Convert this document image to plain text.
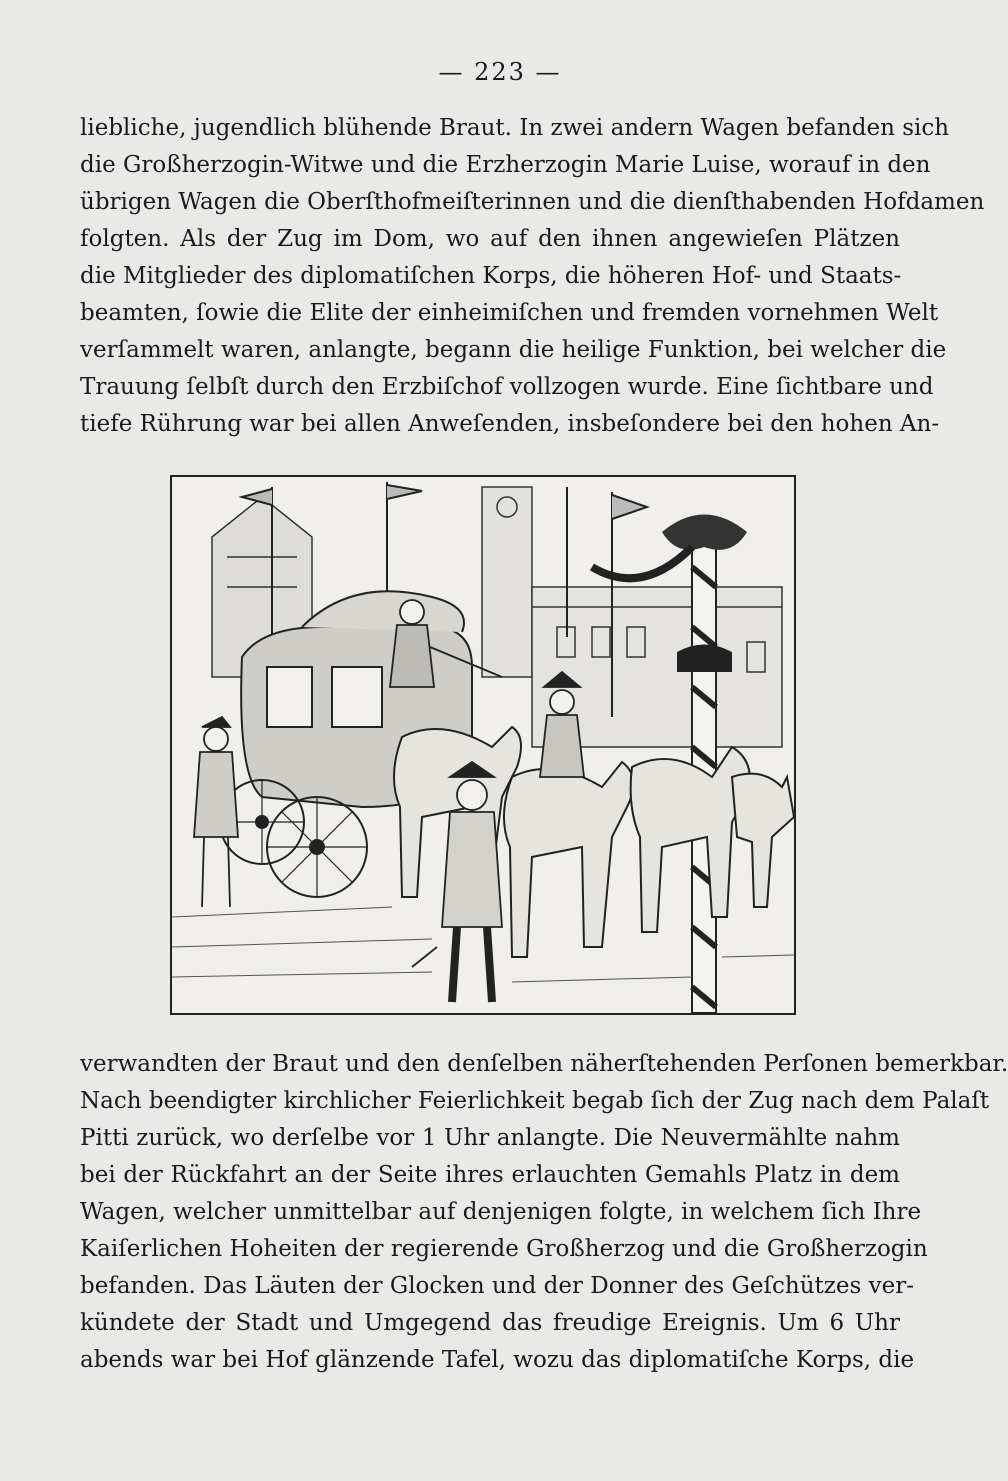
— 223 —
liebliche, jugendlich blühende Braut. In zwei andern Wagen befanden sich
die Großherzogin-Witwe und die Erzherzogin Marie Luise, worauf in den
übrigen Wagen die Oberſthofmeiſterinnen und die dienſthabenden Hofdamen
folgten. Als der Zug im Dom, wo auf den ihnen angewieſen Plätzen
die Mitglieder des diplomatiſchen Korps, die höheren Hof- und Staats-
beamten, ſowie die Elite der einheimiſchen und fremden vornehmen Welt
verſammelt waren, anlangte, begann die heilige Funktion, bei welcher die
Trauung ſelbſt durch den Erzbiſchof vollzogen wurde. Eine ſichtbare und
tiefe Rührung war bei allen Anweſenden, insbeſondere bei den hohen An-
verwandten der Braut und den denſelben näherſtehenden Perſonen bemerkbar.
Nach beendigter kirchlicher Feierlichkeit begab ſich der Zug nach dem Palaſt
Pitti zurück, wo derſelbe vor 1 Uhr anlangte. Die Neuvermählte nahm
bei der Rückfahrt an der Seite ihres erlauchten Gemahls Platz in dem
Wagen, welcher unmittelbar auf denjenigen folgte, in welchem ſich Ihre
Kaiſerlichen Hoheiten der regierende Großherzog und die Großherzogin
befanden. Das Läuten der Glocken und der Donner des Geſchützes ver-
kündete der Stadt und Umgegend das freudige Ereignis. Um 6 Uhr
abends war bei Hof glänzende Tafel, wozu das diplomatiſche Korps, die
